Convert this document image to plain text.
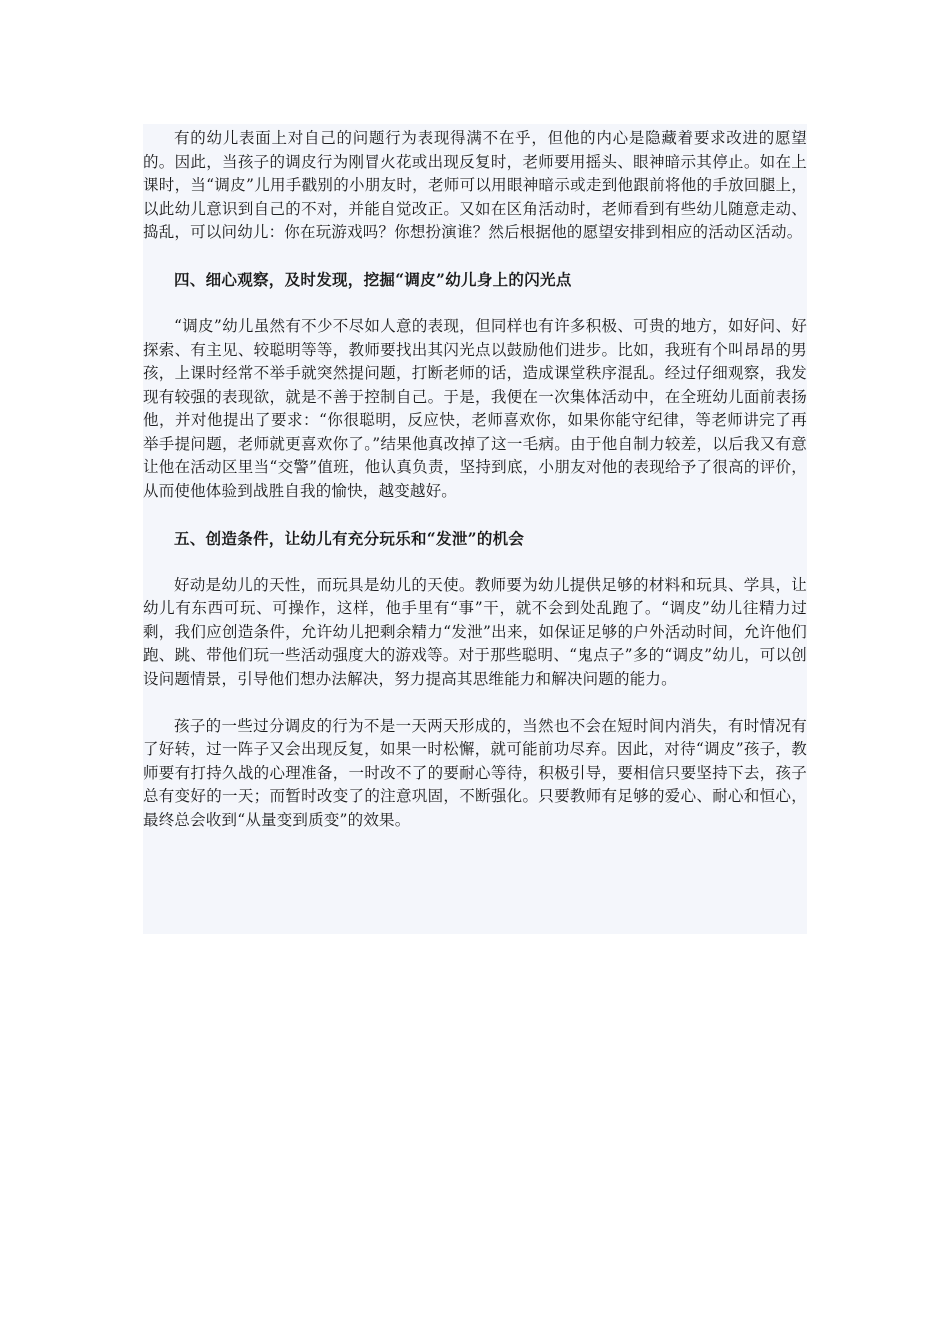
有的幼儿表面上对自己的问题行为表现得满不在乎，但他的内心是隐藏着要求改进的愿望的。因此，当孩子的调皮行为刚冒火花或出现反复时，老师要用摇头、眼神暗示其停止。如在上课时，当“调皮”儿用手戳别的小朋友时，老师可以用眼神暗示或走到他跟前将他的手放回腿上，以此幼儿意识到自己的不对，并能自觉改正。又如在区角活动时，老师看到有些幼儿随意走动、捣乱，可以问幼儿：你在玩游戏吗？你想扮演谁？然后根据他的愿望安排到相应的活动区活动。

四、细心观察，及时发现，挖掘“调皮”幼儿身上的闪光点

“调皮”幼儿虽然有不少不尽如人意的表现，但同样也有许多积极、可贵的地方，如好问、好探索、有主见、较聪明等等，教师要找出其闪光点以鼓励他们进步。比如，我班有个叫昂昂的男孩，上课时经常不举手就突然提问题，打断老师的话，造成课堂秩序混乱。经过仔细观察，我发现有较强的表现欲，就是不善于控制自己。于是，我便在一次集体活动中，在全班幼儿面前表扬他，并对他提出了要求：“你很聪明，反应快，老师喜欢你，如果你能守纪律，等老师讲完了再举手提问题，老师就更喜欢你了。”结果他真改掉了这一毛病。由于他自制力较差，以后我又有意让他在活动区里当“交警”值班，他认真负责，坚持到底，小朋友对他的表现给予了很高的评价，从而使他体验到战胜自我的愉快，越变越好。

五、创造条件，让幼儿有充分玩乐和“发泄”的机会

好动是幼儿的天性，而玩具是幼儿的天使。教师要为幼儿提供足够的材料和玩具、学具，让幼儿有东西可玩、可操作，这样，他手里有“事”干，就不会到处乱跑了。“调皮”幼儿往精力过剩，我们应创造条件，允许幼儿把剩余精力“发泄”出来，如保证足够的户外活动时间，允许他们跑、跳、带他们玩一些活动强度大的游戏等。对于那些聪明、“鬼点子”多的“调皮”幼儿，可以创设问题情景，引导他们想办法解决，努力提高其思维能力和解决问题的能力。

孩子的一些过分调皮的行为不是一天两天形成的，当然也不会在短时间内消失，有时情况有了好转，过一阵子又会出现反复，如果一时松懈，就可能前功尽弃。因此，对待“调皮”孩子，教师要有打持久战的心理准备，一时改不了的要耐心等待，积极引导，要相信只要坚持下去，孩子总有变好的一天；而暂时改变了的注意巩固，不断强化。只要教师有足够的爱心、耐心和恒心，最终总会收到“从量变到质变”的效果。
